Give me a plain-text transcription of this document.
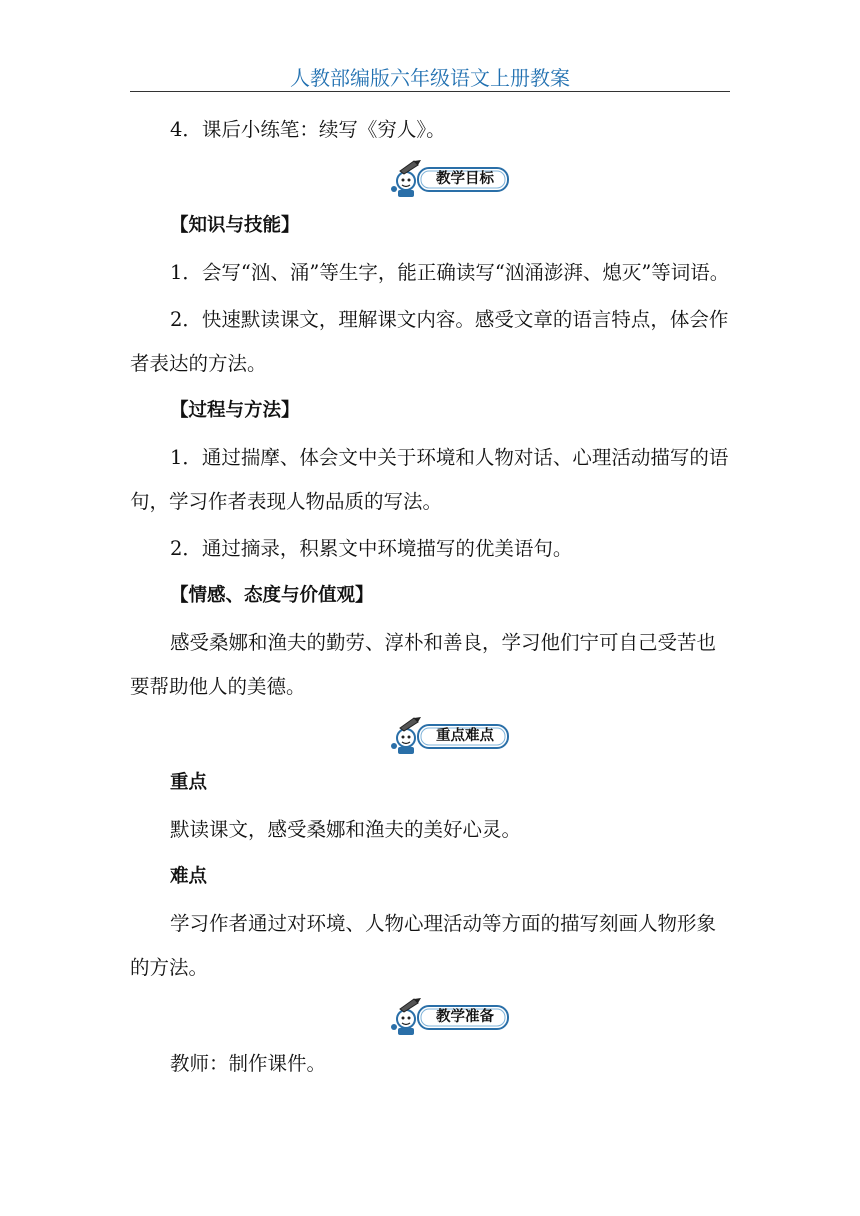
人教部编版六年级语文上册教案

4．课后小练笔：续写《穷人》。

教学目标

【知识与技能】

1．会写“汹、涌”等生字，能正确读写“汹涌澎湃、熄灭”等词语。

2．快速默读课文，理解课文内容。感受文章的语言特点，体会作者表达的方法。

【过程与方法】

1．通过揣摩、体会文中关于环境和人物对话、心理活动描写的语句，学习作者表现人物品质的写法。

2．通过摘录，积累文中环境描写的优美语句。

【情感、态度与价值观】

感受桑娜和渔夫的勤劳、淳朴和善良，学习他们宁可自己受苦也要帮助他人的美德。

重点难点

重点

默读课文，感受桑娜和渔夫的美好心灵。

难点

学习作者通过对环境、人物心理活动等方面的描写刻画人物形象的方法。

教学准备

教师：制作课件。
